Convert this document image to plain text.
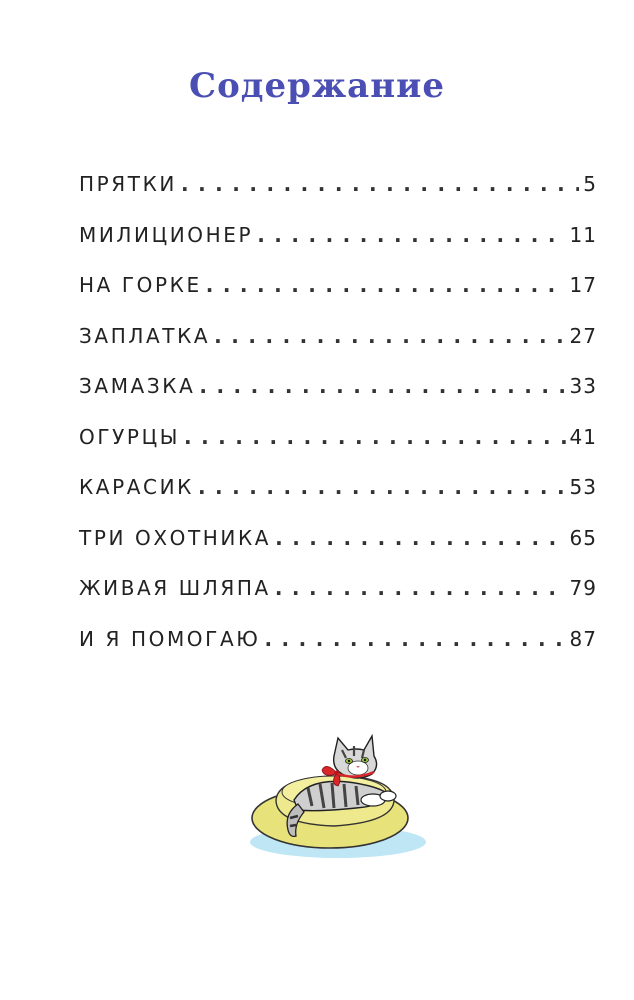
Содержание
ПРЯТКИ .....	5
МИЛИЦИОНЕР .....	11
НА ГОРКЕ .....	17
ЗАПЛАТКА .....	27
ЗАМАЗКА .....	33
ОГУРЦЫ .....	41
КАРАСИК .....	53
ТРИ ОХОТНИКА .....	65
ЖИВАЯ ШЛЯПА .....	79
И Я ПОМОГАЮ .....	87
